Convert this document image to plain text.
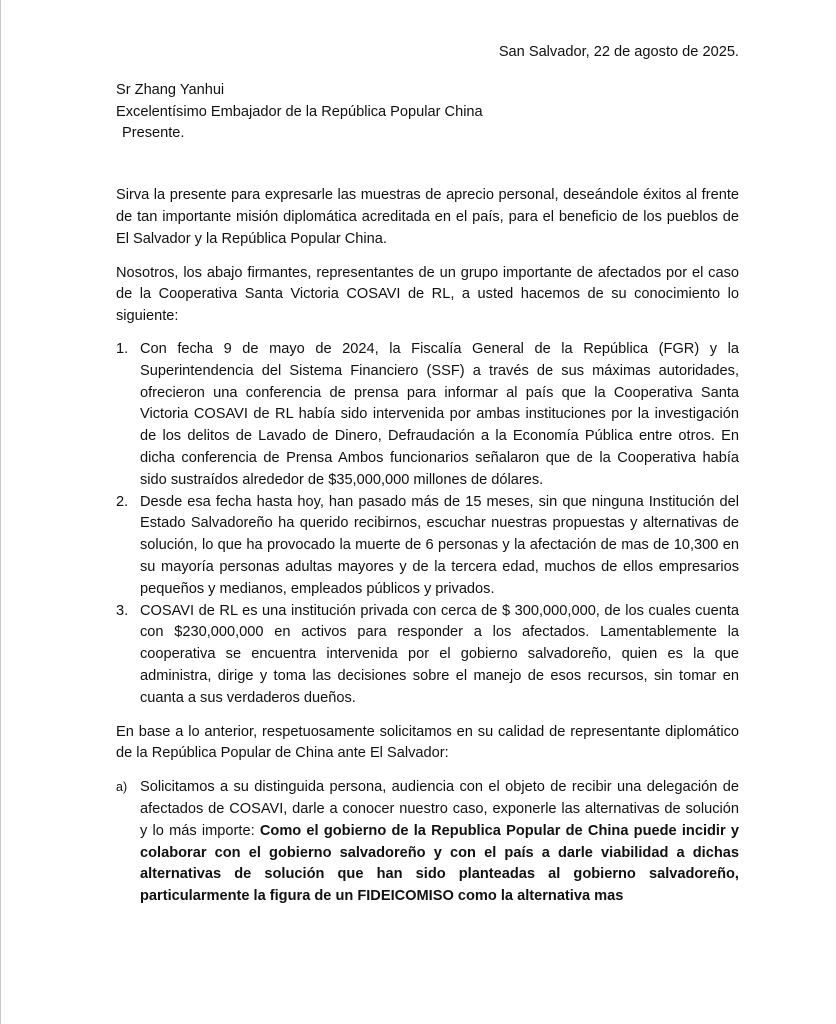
San Salvador, 22 de agosto de 2025.
Sr Zhang Yanhui
Excelentísimo Embajador de la República Popular China
Presente.

Sirva la presente para expresarle las muestras de aprecio personal, deseándole éxitos al frente de tan importante misión diplomática acreditada en el país, para el beneficio de los pueblos de El Salvador y la República Popular China.

Nosotros, los abajo firmantes, representantes de un grupo importante de afectados por el caso de la Cooperativa Santa Victoria COSAVI de RL, a usted hacemos de su conocimiento lo siguiente:

1. Con fecha 9 de mayo de 2024, la Fiscalía General de la República (FGR) y la Superintendencia del Sistema Financiero (SSF) a través de sus máximas autoridades, ofrecieron una conferencia de prensa para informar al país que la Cooperativa Santa Victoria COSAVI de RL había sido intervenida por ambas instituciones por la investigación de los delitos de Lavado de Dinero, Defraudación a la Economía Pública entre otros. En dicha conferencia de Prensa Ambos funcionarios señalaron que de la Cooperativa había sido sustraídos alrededor de $35,000,000 millones de dólares.
2. Desde esa fecha hasta hoy, han pasado más de 15 meses, sin que ninguna Institución del Estado Salvadoreño ha querido recibirnos, escuchar nuestras propuestas y alternativas de solución, lo que ha provocado la muerte de 6 personas y la afectación de mas de 10,300 en su mayoría personas adultas mayores y de la tercera edad, muchos de ellos empresarios pequeños y medianos, empleados públicos y privados.
3. COSAVI de RL es una institución privada con cerca de $ 300,000,000, de los cuales cuenta con $230,000,000 en activos para responder a los afectados. Lamentablemente la cooperativa se encuentra intervenida por el gobierno salvadoreño, quien es la que administra, dirige y toma las decisiones sobre el manejo de esos recursos, sin tomar en cuanta a sus verdaderos dueños.

En base a lo anterior, respetuosamente solicitamos en su calidad de representante diplomático de la República Popular de China ante El Salvador:

a) Solicitamos a su distinguida persona, audiencia con el objeto de recibir una delegación de afectados de COSAVI, darle a conocer nuestro caso, exponerle las alternativas de solución y lo más importe: Como el gobierno de la Republica Popular de China puede incidir y colaborar con el gobierno salvadoreño y con el país a darle viabilidad a dichas alternativas de solución que han sido planteadas al gobierno salvadoreño, particularmente la figura de un FIDEICOMISO como la alternativa mas
